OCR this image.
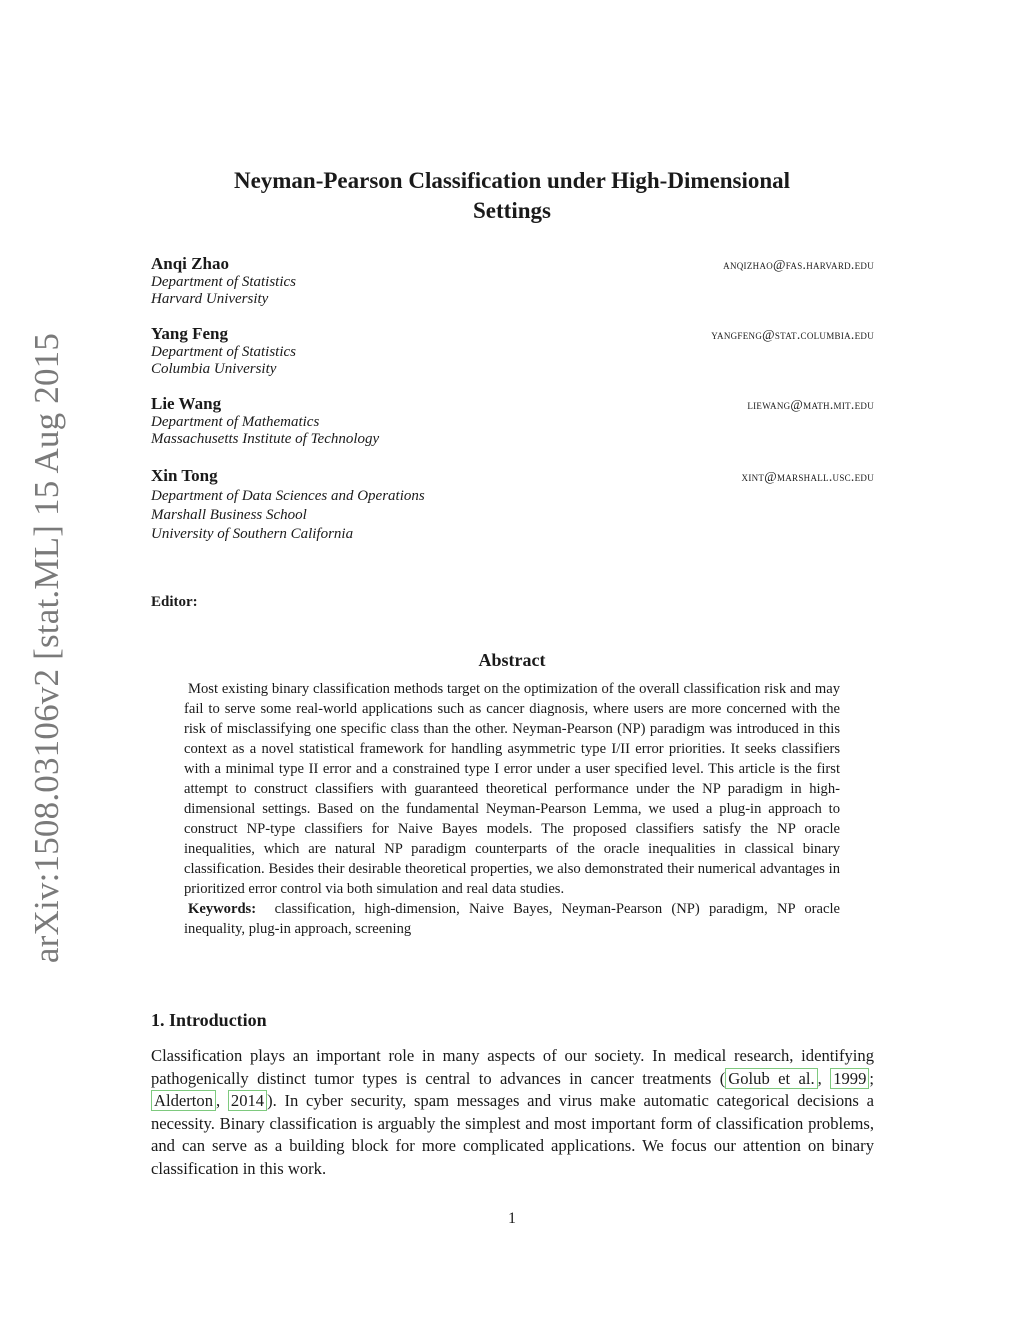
arXiv:1508.03106v2 [stat.ML] 15 Aug 2015
Neyman-Pearson Classification under High-Dimensional
Settings
Anqi Zhao	anqizhao@fas.harvard.edu
Department of Statistics
Harvard University
Yang Feng	yangfeng@stat.columbia.edu
Department of Statistics
Columbia University
Lie Wang	liewang@math.mit.edu
Department of Mathematics
Massachusetts Institute of Technology
Xin Tong	xint@marshall.usc.edu
Department of Data Sciences and Operations
Marshall Business School
University of Southern California
Editor:
Abstract

Most existing binary classification methods target on the optimization of the overall classification risk and may fail to serve some real-world applications such as cancer diagnosis, where users are more concerned with the risk of misclassifying one specific class than the other. Neyman-Pearson (NP) paradigm was introduced in this context as a novel statistical framework for handling asymmetric type I/II error priorities. It seeks classifiers with a minimal type II error and a constrained type I error under a user specified level. This article is the first attempt to construct classifiers with guaranteed theoretical performance under the NP paradigm in high-dimensional settings. Based on the fundamental Neyman-Pearson Lemma, we used a plug-in approach to construct NP-type classifiers for Naive Bayes models. The proposed classifiers satisfy the NP oracle inequalities, which are natural NP paradigm counterparts of the oracle inequalities in classical binary classification. Besides their desirable theoretical properties, we also demonstrated their numerical advantages in prioritized error control via both simulation and real data studies.

Keywords: classification, high-dimension, Naive Bayes, Neyman-Pearson (NP) paradigm, NP oracle inequality, plug-in approach, screening

1. Introduction

Classification plays an important role in many aspects of our society. In medical research, identifying pathogenically distinct tumor types is central to advances in cancer treatments ( Golub et al. , 1999 ; Alderton , 2014 ). In cyber security, spam messages and virus make automatic categorical decisions a necessity. Binary classification is arguably the simplest and most important form of classification problems, and can serve as a building block for more complicated applications. We focus our attention on binary classification in this work.

1
